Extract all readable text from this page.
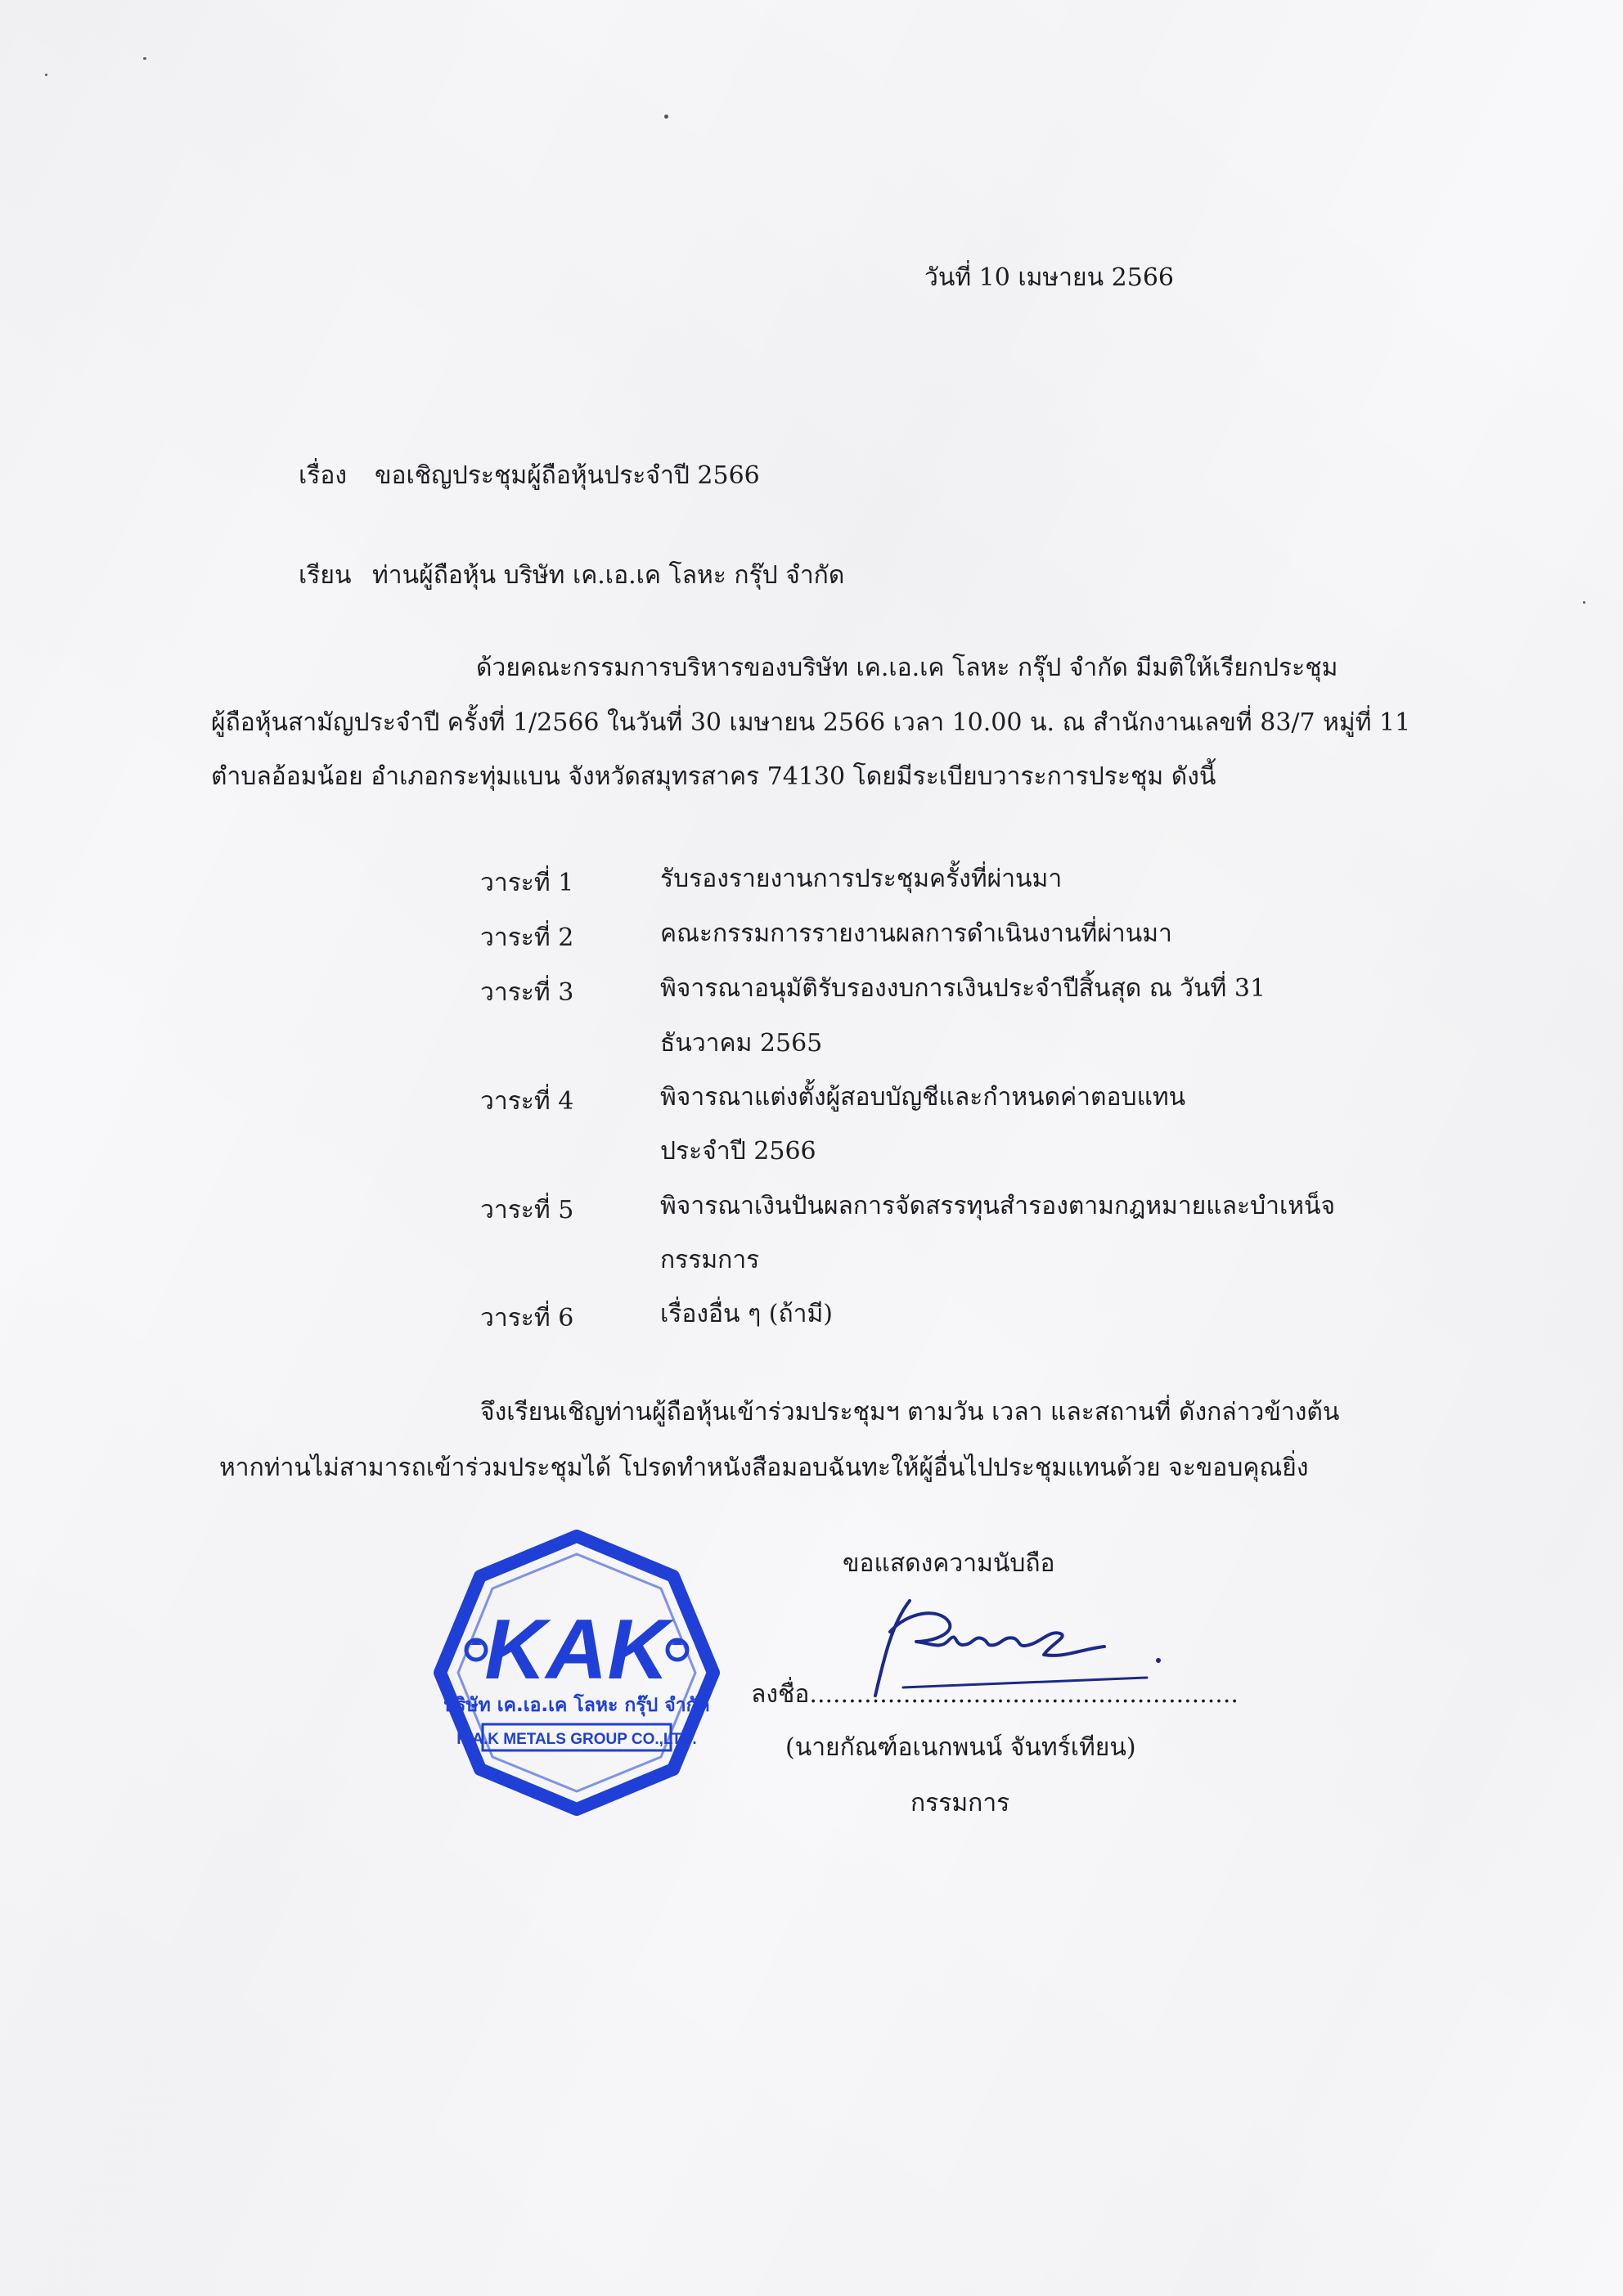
วันที่ 10 เมษายน 2566
เรื่อง ขอเชิญประชุมผู้ถือหุ้นประจำปี 2566
เรียน ท่านผู้ถือหุ้น บริษัท เค.เอ.เค โลหะ กรุ๊ป จำกัด
ด้วยคณะกรรมการบริหารของบริษัท เค.เอ.เค โลหะ กรุ๊ป จำกัด มีมติให้เรียกประชุม
ผู้ถือหุ้นสามัญประจำปี ครั้งที่ 1/2566 ในวันที่ 30 เมษายน 2566 เวลา 10.00 น. ณ สำนักงานเลขที่ 83/7 หมู่ที่ 11
ตำบลอ้อมน้อย อำเภอกระทุ่มแบน จังหวัดสมุทรสาคร 74130 โดยมีระเบียบวาระการประชุม ดังนี้
วาระที่ 1	รับรองรายงานการประชุมครั้งที่ผ่านมา
วาระที่ 2	คณะกรรมการรายงานผลการดำเนินงานที่ผ่านมา
วาระที่ 3	พิจารณาอนุมัติรับรองงบการเงินประจำปีสิ้นสุด ณ วันที่ 31
ธันวาคม 2565
วาระที่ 4	พิจารณาแต่งตั้งผู้สอบบัญชีและกำหนดค่าตอบแทน
ประจำปี 2566
วาระที่ 5	พิจารณาเงินปันผลการจัดสรรทุนสำรองตามกฎหมายและบำเหน็จ
กรรมการ
วาระที่ 6	เรื่องอื่น ๆ (ถ้ามี)
จึงเรียนเชิญท่านผู้ถือหุ้นเข้าร่วมประชุมฯ ตามวัน เวลา และสถานที่ ดังกล่าวข้างต้น
หากท่านไม่สามารถเข้าร่วมประชุมได้ โปรดทำหนังสือมอบฉันทะให้ผู้อื่นไปประชุมแทนด้วย จะขอบคุณยิ่ง
ขอแสดงความนับถือ
KAK
บริษัท เค.เอ.เค โลหะ กรุ๊ป จำกัด
K.A.K METALS GROUP CO.,LTD.
ลงชื่อ.......................................................
(นายกัณฑ์อเนกพนน์ จันทร์เทียน)
กรรมการ
